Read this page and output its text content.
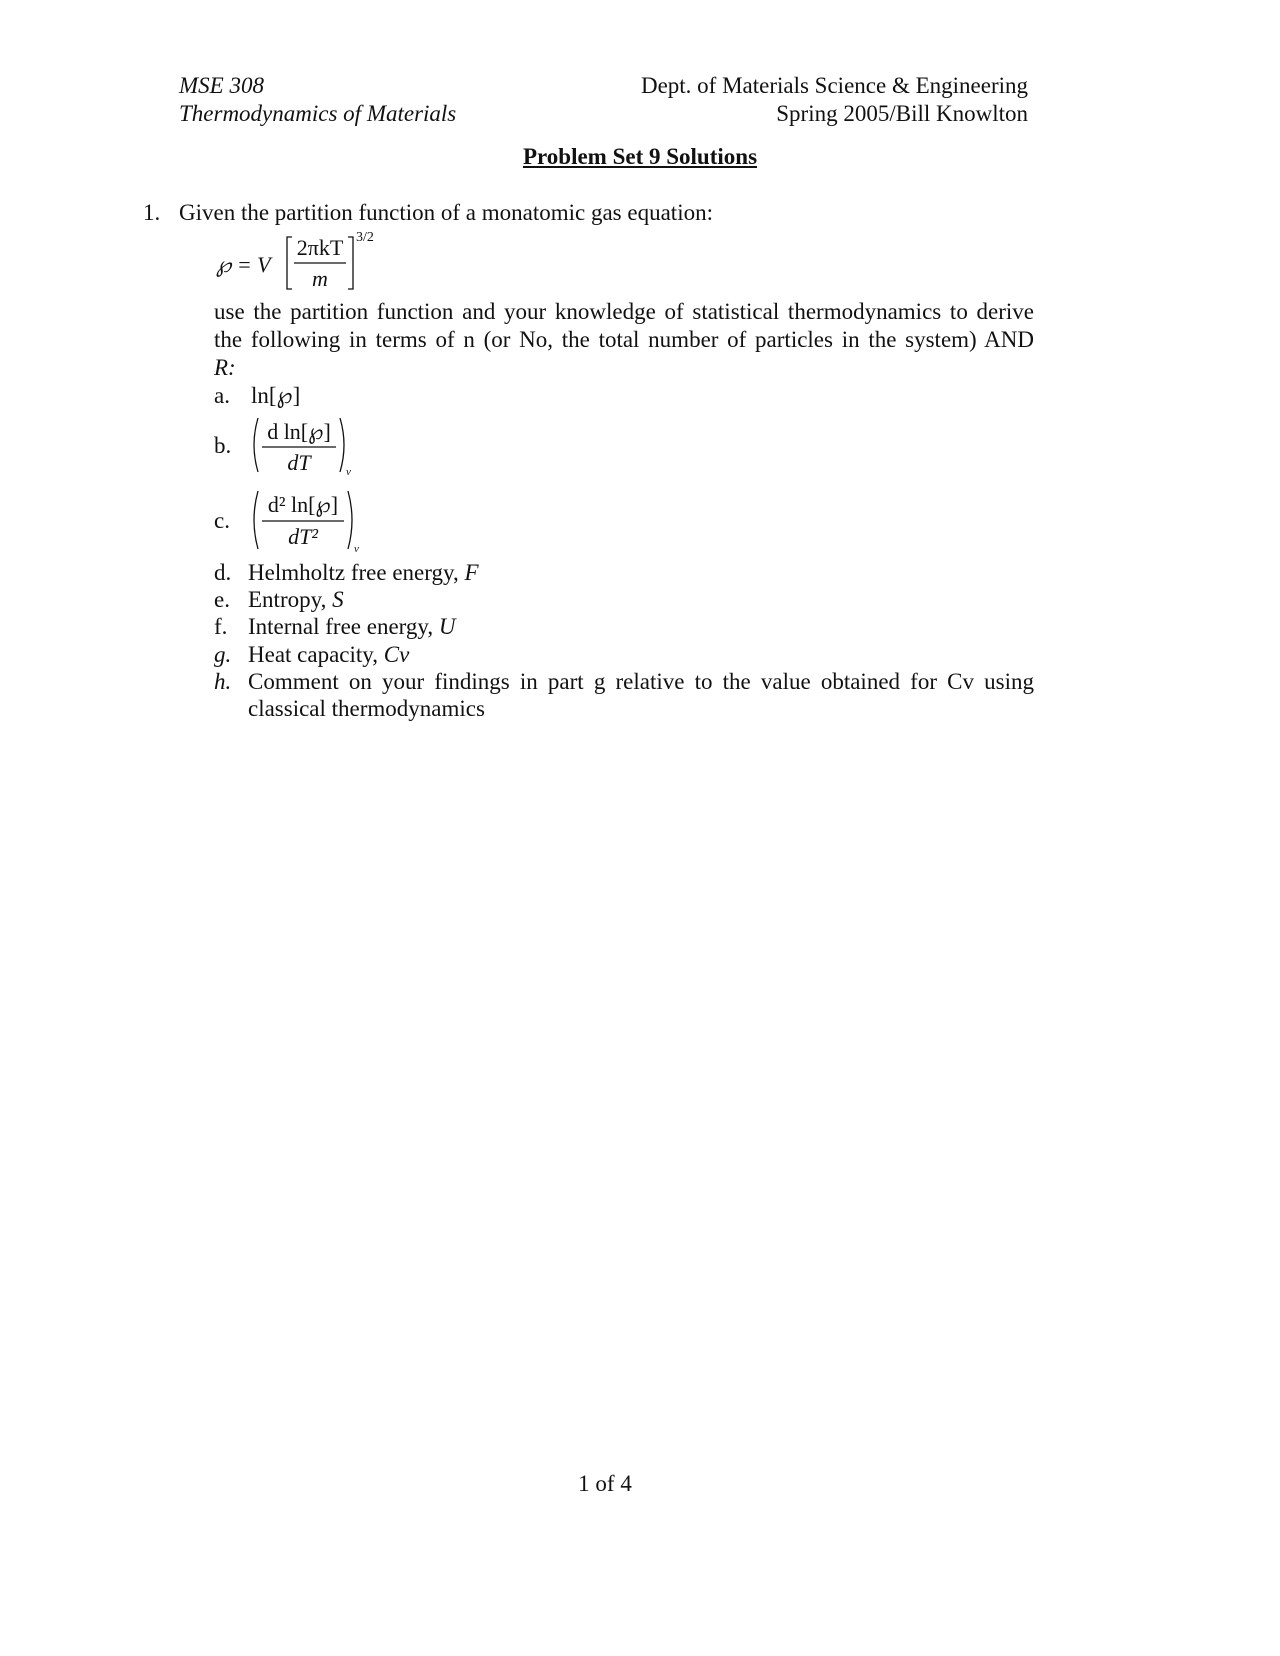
MSE 308
Thermodynamics of Materials
Dept. of Materials Science & Engineering
Spring 2005/Bill Knowlton
Problem Set 9 Solutions
1. Given the partition function of a monatomic gas equation:
℘ = V
2πkT
m
3/2
use the partition function and your knowledge of statistical thermodynamics to derive
the following in terms of n (or No, the total number of particles in the system) AND
R:
a. ln[℘]
b.
d ln[℘]
dT	v
c.
d² ln[℘]
dT²	v
d. Helmholtz free energy, F
e. Entropy, S
f. Internal free energy, U
g. Heat capacity, Cv
h. Comment on your findings in part g relative to the value obtained for Cv using
classical thermodynamics
1 of 4
